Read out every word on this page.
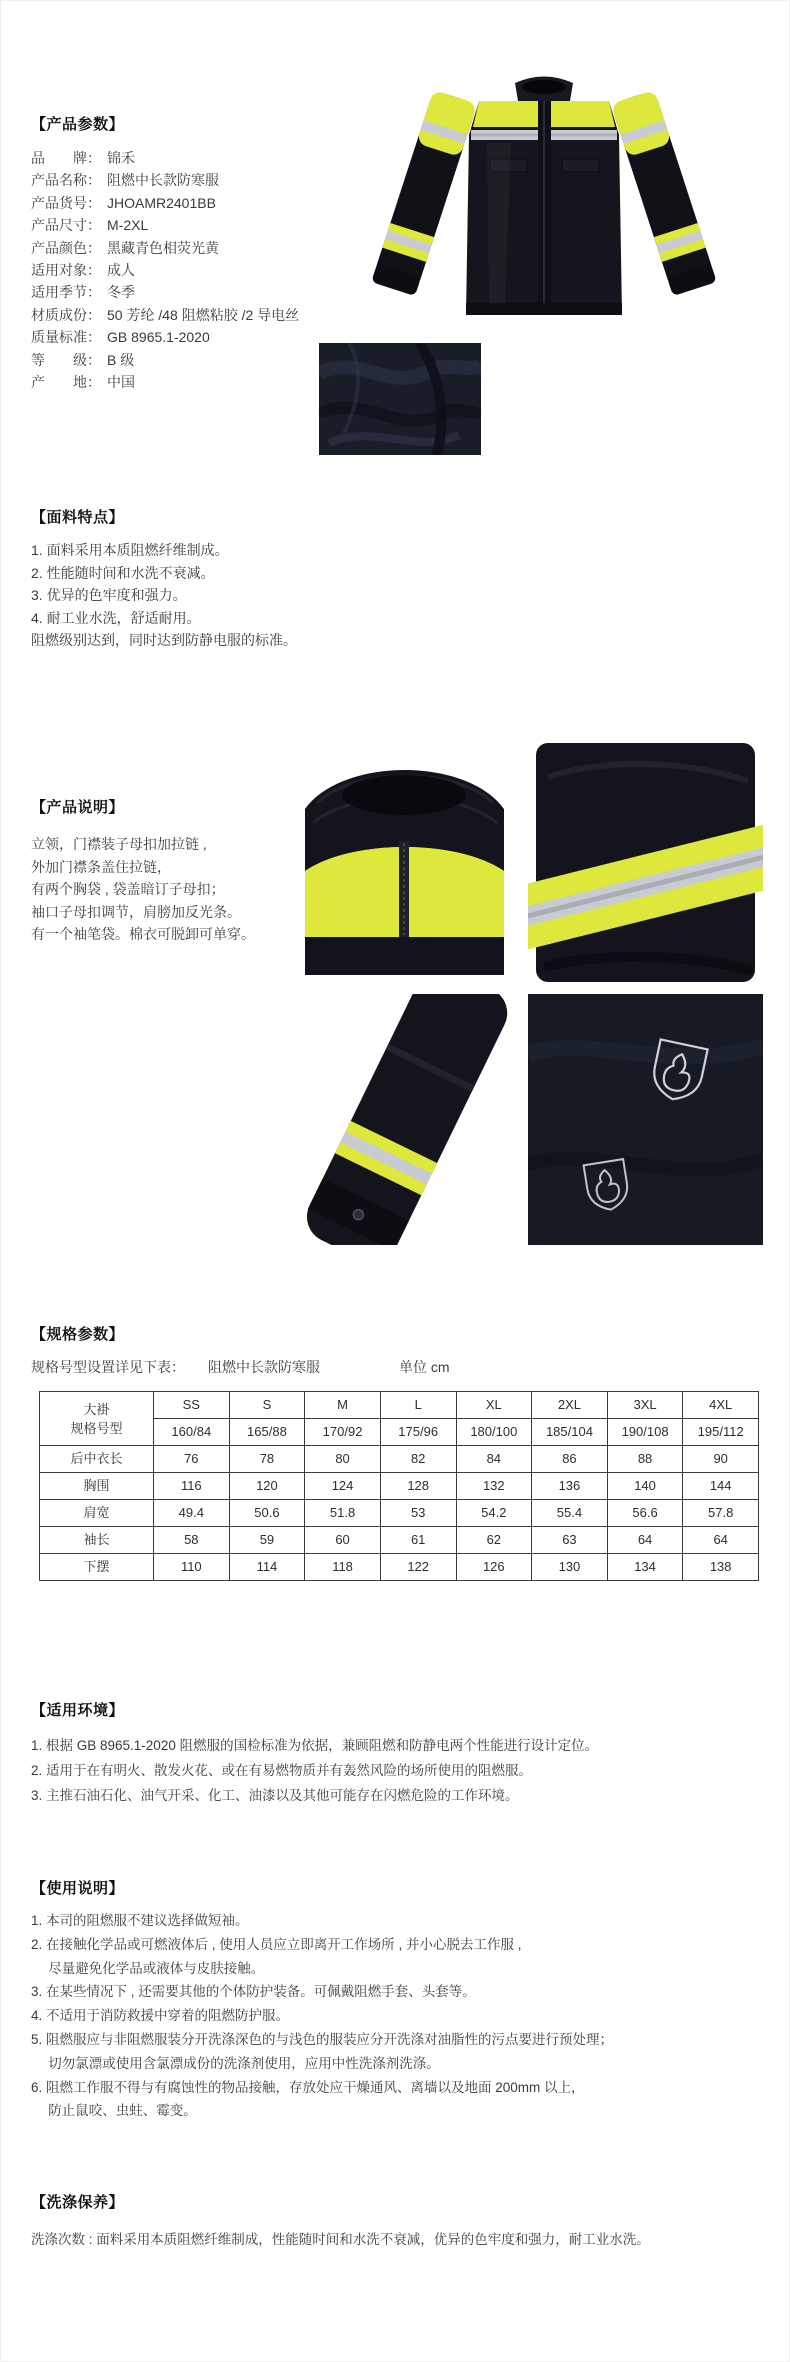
【产品参数】
品　　牌： 锦禾
产品名称： 阻燃中长款防寒服
产品货号： JHOAMR2401BB
产品尺寸： M-2XL
产品颜色： 黑藏青色相荧光黄
适用对象： 成人
适用季节： 冬季
材质成份： 50 芳纶 /48 阻燃粘胶 /2 导电丝
质量标准： GB 8965.1-2020
等　　级： B 级
产　　地： 中国
【面料特点】
1. 面料采用本质阻燃纤维制成。
2. 性能随时间和水洗不衰减。
3. 优异的色牢度和强力。
4. 耐工业水洗，舒适耐用。
阻燃级别达到，同时达到防静电服的标准。
【产品说明】
立领，门襟装子母扣加拉链 ,
外加门襟条盖住拉链，
有两个胸袋 , 袋盖暗订子母扣；
袖口子母扣调节，肩膀加反光条。
有一个袖笔袋。棉衣可脱卸可单穿。
【规格参数】
规格号型设置详见下表： 阻燃中长款防寒服	单位 cm
大褂
规格号型	SS	S	M	L	XL	2XL	3XL	4XL
	160/84	165/88	170/92	175/96	180/100	185/104	190/108	195/112
后中衣长	76	78	80	82	84	86	88	90
胸围	116	120	124	128	132	136	140	144
肩宽	49.4	50.6	51.8	53	54.2	55.4	56.6	57.8
袖长	58	59	60	61	62	63	64	64
下摆	110	114	118	122	126	130	134	138
【适用环境】
1. 根据 GB 8965.1-2020 阻燃服的国检标准为依据，兼顾阻燃和防静电两个性能进行设计定位。
2. 适用于在有明火、散发火花、或在有易燃物质并有轰然风险的场所使用的阻燃服。
3. 主推石油石化、油气开采、化工、油漆以及其他可能存在闪燃危险的工作环境。
【使用说明】
1. 本司的阻燃服不建议选择做短袖。
2. 在接触化学品或可燃液体后 , 使用人员应立即离开工作场所 , 并小心脱去工作服 ,
　 尽量避免化学品或液体与皮肤接触。
3. 在某些情况下 , 还需要其他的个体防护装备。可佩戴阻燃手套、头套等。
4. 不适用于消防救援中穿着的阻燃防护服。
5. 阻燃服应与非阻燃服装分开洗涤深色的与浅色的服装应分开洗涤对油脂性的污点要进行预处理；
　 切勿氯漂或使用含氯漂成份的洗涤剂使用，应用中性洗涤剂洗涤。
6. 阻燃工作服不得与有腐蚀性的物品接触，存放处应干燥通风、离墙以及地面 200mm 以上，
　 防止鼠咬、虫蛀、霉变。
【洗涤保养】
洗涤次数 : 面料采用本质阻燃纤维制成，性能随时间和水洗不衰减，优异的色牢度和强力，耐工业水洗。
